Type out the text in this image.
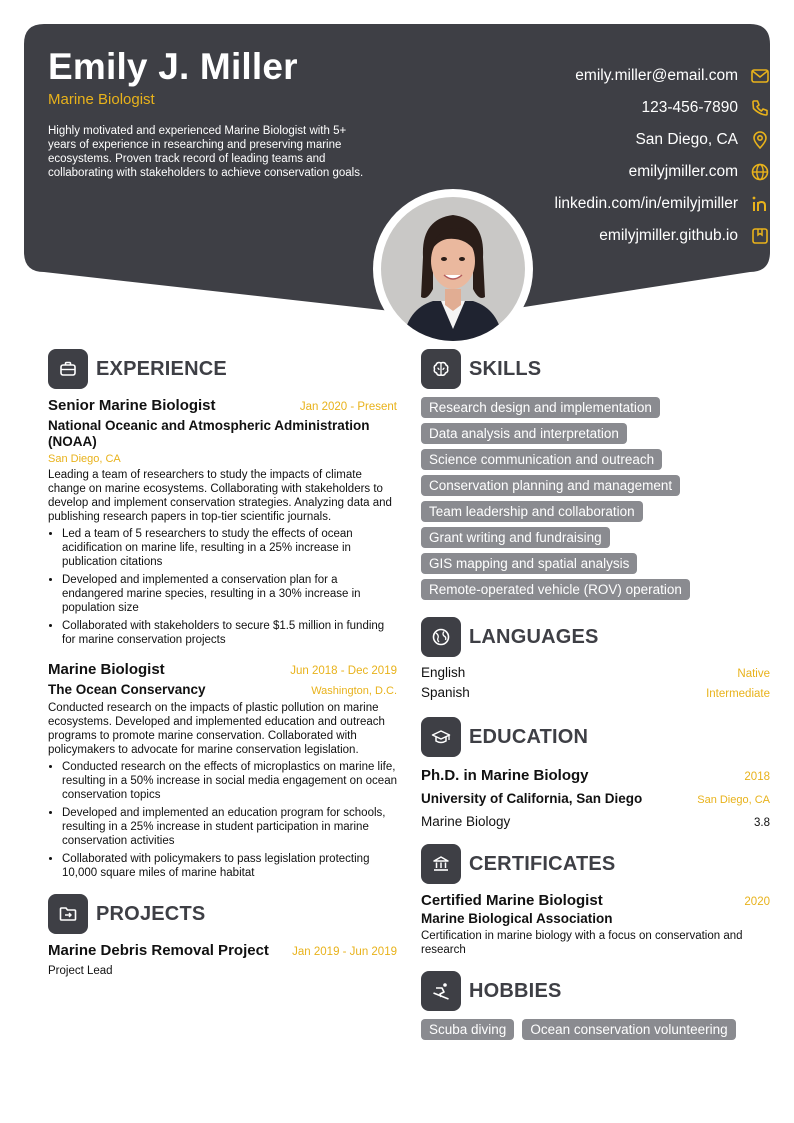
Emily J. Miller
Marine Biologist
Highly motivated and experienced Marine Biologist with 5+ years of experience in researching and preserving marine ecosystems. Proven track record of leading teams and collaborating with stakeholders to achieve conservation goals.
emily.miller@email.com
123-456-7890
San Diego, CA
emilyjmiller.com
linkedin.com/in/emilyjmiller
emilyjmiller.github.io
EXPERIENCE
Senior Marine Biologist	Jan 2020 - Present
National Oceanic and Atmospheric Administration (NOAA)
San Diego, CA
Leading a team of researchers to study the impacts of climate change on marine ecosystems. Collaborating with stakeholders to develop and implement conservation strategies. Analyzing data and publishing research papers in top-tier scientific journals.
• Led a team of 5 researchers to study the effects of ocean acidification on marine life, resulting in a 25% increase in publication citations
• Developed and implemented a conservation plan for a endangered marine species, resulting in a 30% increase in population size
• Collaborated with stakeholders to secure $1.5 million in funding for marine conservation projects
Marine Biologist	Jun 2018 - Dec 2019
The Ocean Conservancy	Washington, D.C.
Conducted research on the impacts of plastic pollution on marine ecosystems. Developed and implemented education and outreach programs to promote marine conservation. Collaborated with policymakers to advocate for marine conservation legislation.
• Conducted research on the effects of microplastics on marine life, resulting in a 50% increase in social media engagement on ocean conservation topics
• Developed and implemented an education program for schools, resulting in a 25% increase in student participation in marine conservation activities
• Collaborated with policymakers to pass legislation protecting 10,000 square miles of marine habitat
PROJECTS
Marine Debris Removal Project Jan 2019 - Jun 2019
Project Lead
SKILLS
Research design and implementation
Data analysis and interpretation
Science communication and outreach
Conservation planning and management
Team leadership and collaboration
Grant writing and fundraising
GIS mapping and spatial analysis
Remote-operated vehicle (ROV) operation
LANGUAGES
English	Native
Spanish	Intermediate
EDUCATION
Ph.D. in Marine Biology	2018
University of California, San Diego	San Diego, CA
Marine Biology	3.8
CERTIFICATES
Certified Marine Biologist	2020
Marine Biological Association
Certification in marine biology with a focus on conservation and research
HOBBIES
Scuba diving	Ocean conservation volunteering
